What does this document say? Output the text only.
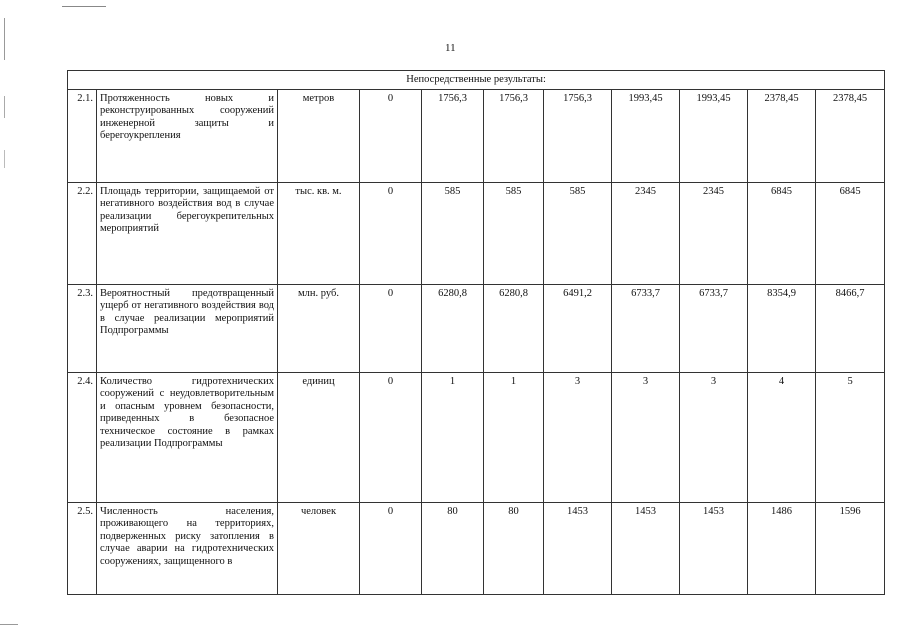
11
Непосредственные результаты:										
2.1.	Протяженность новых и реконструированных сооружений инженерной защиты и берегоукрепления	метров	0	1756,3	1756,3	1756,3	1993,45	1993,45	2378,45	2378,45
2.2.	Площадь территории, защищаемой от негативного воздействия вод в случае реализации берегоукрепительных мероприятий	тыс. кв. м.	0	585	585	585	2345	2345	6845	6845
2.3.	Вероятностный предотвращенный ущерб от негативного воздействия вод в случае реализации мероприятий Подпрограммы	млн. руб.	0	6280,8	6280,8	6491,2	6733,7	6733,7	8354,9	8466,7
2.4.	Количество гидротехнических сооружений с неудовлетворительным и опасным уровнем безопасности, приведенных в безопасное техническое состояние в рамках реализации Подпрограммы	единиц	0	1	1	3	3	3	4	5
2.5.	Численность населения, проживающего на территориях, подверженных риску затопления в случае аварии на гидротехнических сооружениях, защищенного в	человек	0	80	80	1453	1453	1453	1486	1596
